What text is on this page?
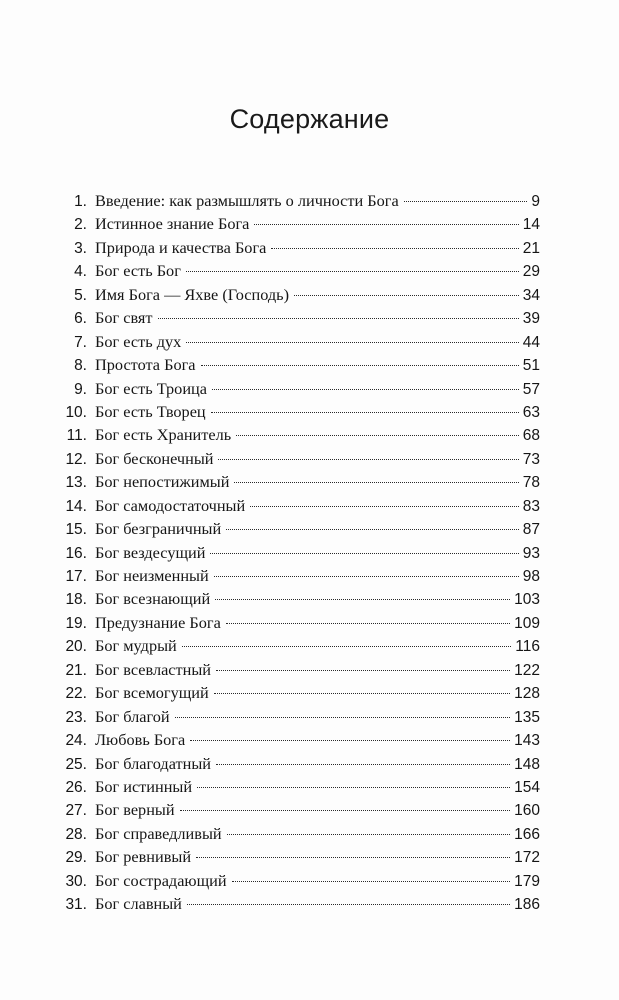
Содержание
1. Введение: как размышлять о личности Бога	9
2. Истинное знание Бога	14
3. Природа и качества Бога	21
4. Бог есть Бог	29
5. Имя Бога — Яхве (Господь)	34
6. Бог свят	39
7. Бог есть дух	44
8. Простота Бога	51
9. Бог есть Троица	57
10. Бог есть Творец	63
11. Бог есть Хранитель	68
12. Бог бесконечный	73
13. Бог непостижимый	78
14. Бог самодостаточный	83
15. Бог безграничный	87
16. Бог вездесущий	93
17. Бог неизменный	98
18. Бог всезнающий	103
19. Предузнание Бога	109
20. Бог мудрый	116
21. Бог всевластный	122
22. Бог всемогущий	128
23. Бог благой	135
24. Любовь Бога	143
25. Бог благодатный	148
26. Бог истинный	154
27. Бог верный	160
28. Бог справедливый	166
29. Бог ревнивый	172
30. Бог сострадающий	179
31. Бог славный	186
